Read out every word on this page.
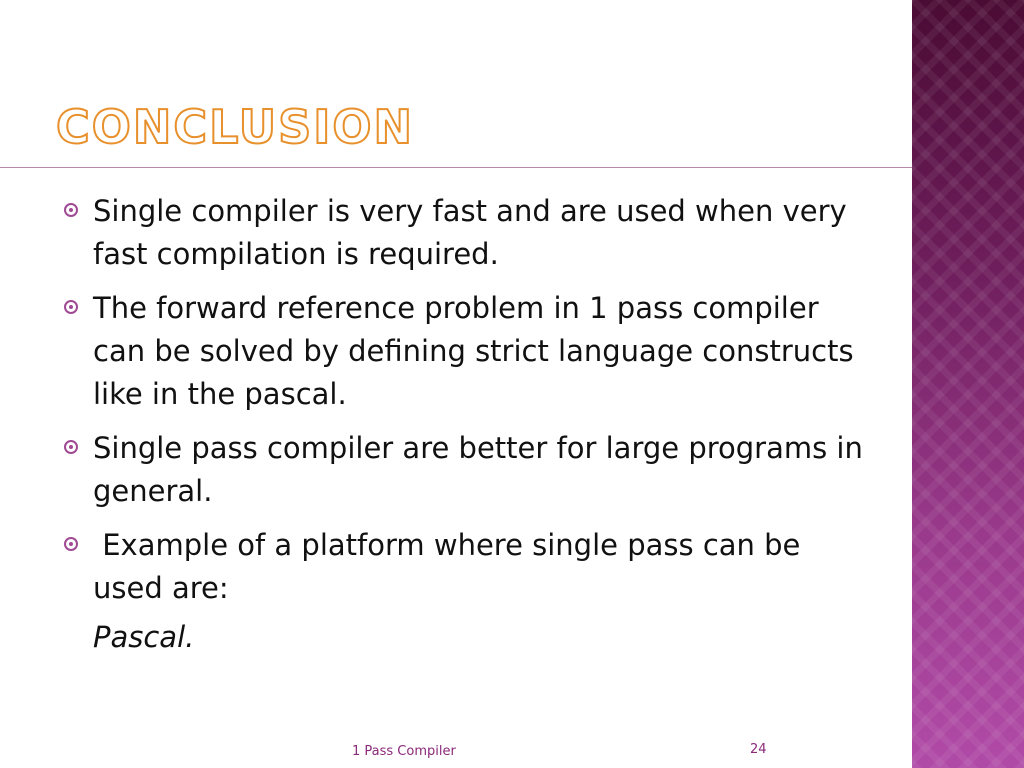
CONCLUSION
Single compiler is very fast and are used when very fast compilation is required.
The forward reference problem in 1 pass compiler can be solved by defining strict language constructs like in the pascal.
Single pass compiler are better for large programs in general.
Example of a platform where single pass can be used are:
Pascal.
1 Pass Compiler	24
